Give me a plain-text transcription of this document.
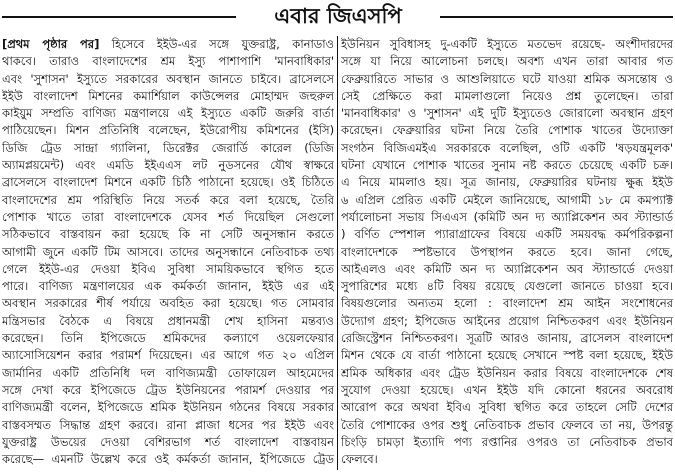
এবার জিএসপি
[প্রথম পৃষ্ঠার পর] হিসেবে ইইউ-এর সঙ্গে যুক্তরাষ্ট্র, কানাডাও
থাকবে। তারাও বাংলাদেশের শ্রম ইস্যু পাশাপাশি 'মানবাধিকার'
এবং 'সুশাসন' ইস্যুতে সরকারের অবস্থান জানতে চাইবে। ব্রাসেলসে
ইইউ বাংলাদেশ মিশনের কমার্শিয়াল কাউন্সেলর মোহাম্মদ জহুরুল
কাইয়ুম সম্প্রতি বাণিজ্য মন্ত্রণালয়ে এই ইস্যুতে একটি জরুরি বার্তা
পাঠিয়েছেন। মিশন প্রতিনিধি বলেছেন, ইউরোপীয় কমিশনের (ইসি)
ডিজি ট্রেড সান্দ্রা গ্যালিনা, ডিরেক্টর জেরার্ডি কারেল (ডিজি
অ্যামপ্লয়মেন্ট) এবং এমডি ইইএএস লট নুডসনের যৌথ স্বাক্ষরে
ব্রাসেলসে বাংলাদেশ মিশনে একটি চিঠি পাঠানো হয়েছে। ওই চিঠিতে
বাংলাদেশের শ্রম পরিস্থিতি নিয়ে সতর্ক করে বলা হয়েছে, তৈরি
পোশাক খাতে তারা বাংলাদেশকে যেসব শর্ত দিয়েছিল সেগুলো
সঠিকভাবে বাস্তবায়ন করা হয়েছে কি না সেটি অনুসন্ধান করতে
আগামী জুনে একটি টিম আসবে। তাদের অনুসন্ধানে নেতিবাচক তথ্য
গেলে ইইউ-এর দেওয়া ইবিএ সুবিধা সাময়িকভাবে স্থগিত হতে
পারে। বাণিজ্য মন্ত্রণালয়ের এক কর্মকর্তা জানান, ইইউ এর এই
অবস্থান সরকারের শীর্ষ পর্যায়ে অবহিত করা হয়েছে। গত সোমবার
মন্ত্রিসভার বৈঠকে এ বিষয়ে প্রধানমন্ত্রী শেখ হাসিনা মন্তব্যও
করেছেন। তিনি ইপিজেডে শ্রমিকদের কল্যাণে ওয়েলফেয়ার
অ্যাসোসিয়েশন করার পরামর্শ দিয়েছেন। এর আগে গত ২০ এপ্রিল
জার্মানির একটি প্রতিনিধি দল বাণিজ্যমন্ত্রী তোফায়েল আহমেদের
সঙ্গে দেখা করে ইপিজেডে ট্রেড ইউনিয়নের পরামর্শ দেওয়ার পর
বাণিজ্যমন্ত্রী বলেন, ইপিজেডে শ্রমিক ইউনিয়ন গঠনের বিষয়ে সরকার
বাস্তবসম্মত সিদ্ধান্ত গ্রহণ করবে। রানা প্লাজা ধসের পর ইইউ এবং
যুক্তরাষ্ট্র উভয়ের দেওয়া বেশিরভাগ শর্ত বাংলাদেশ বাস্তবায়ন
করেছে— এমনটি উল্লেখ করে ওই কর্মকর্তা জানান, ইপিজেডে ট্রেড
ইউনিয়ন সুবিধাসহ দু-একটি ইস্যুতে মতভেদ রয়েছে- অংশীদারদের
সঙ্গে যা নিয়ে আলোচনা চলছে। অবশ্য এখন তারা আবার গত
ফেব্রুয়ারিতে সাভার ও আশুলিয়াতে ঘটে যাওয়া শ্রমিক অসন্তোষ ও
সেই প্রেক্ষিতে করা মামলাগুলো নিয়েও প্রশ্ন তুলেছেন। তারা
'মানবাধিকার' ও 'সুশাসন' এই দুটি ইস্যুতেও জোরালো অবস্থান গ্রহণ
করেছেন। ফেব্রুয়ারির ঘটনা নিয়ে তৈরি পোশাক খাতের উদ্যোক্তা
সংগঠন বিজিএমইএ সরকারকে বলেছিল, ওটি একটি 'ষড়যন্ত্রমূলক'
ঘটনা যেখানে পোশাক খাতের সুনাম নষ্ট করতে চেয়েছে একটি চক্র।
এ নিয়ে মামলাও হয়। সূত্র জানায়, ফেব্রুয়ারির ঘটনায় ক্ষুব্ধ ইইউ
৬ এপ্রিল প্রেরিত একটি মেইলে জানিয়েছে, আগামী ১৮ মে কমপ্যাক্ট
পর্যালোচনা সভায় সিএএস (কমিটি অন দ্য অ্যাপ্লিকেশন অব স্ট্যান্ডার্ড
) বর্ণিত স্পেশাল প্যারাগ্রাফের বিষয়ে একটি সময়বদ্ধ কর্মপরিকল্পনা
বাংলাদেশকে স্পষ্টভাবে উপস্থাপন করতে হবে। জানা গেছে,
আইএলও এবং কমিটি অন দ্য অ্যাপ্লিকেশন অব স্ট্যান্ডার্ডে দেওয়া
সুপারিশের মধ্যে ৪টি বিষয় রয়েছে যেগুলো জানতে চাওয়া হবে।
বিষয়গুলোর অন্যতম হলো : বাংলাদেশ শ্রম আইন সংশোধনের
উদ্যোগ গ্রহণ; ইপিজেড আইনের প্রয়োগ নিশ্চিতকরণ এবং ইউনিয়ন
রেজিস্ট্রেশন নিশ্চিতকরণ। সূত্রটি আরও জানায়, ব্রাসেলস বাংলাদেশ
মিশন থেকে যে বার্তা পাঠানো হয়েছে সেখানে স্পষ্ট বলা হয়েছে, ইইউ
শ্রমিক অধিকার এবং ট্রেড ইউনিয়ন করার বিষয়ে বাংলাদেশকে শেষ
সুযোগ দেওয়া হয়েছে। এখন ইইউ যদি কোনো ধরনের অবরোধ
আরোপ করে অথবা ইবিএ সুবিধা স্থগিত করে তাহলে সেটি দেশের
তৈরি পোশাকের ওপর শুধু নেতিবাচক প্রভাব ফেলবে তা নয়, উপরন্তু
চিংড়ি চামড়া ইত্যাদি পণ্য রপ্তানির ওপরও তা নেতিবাচক প্রভাব
ফেলবে।
